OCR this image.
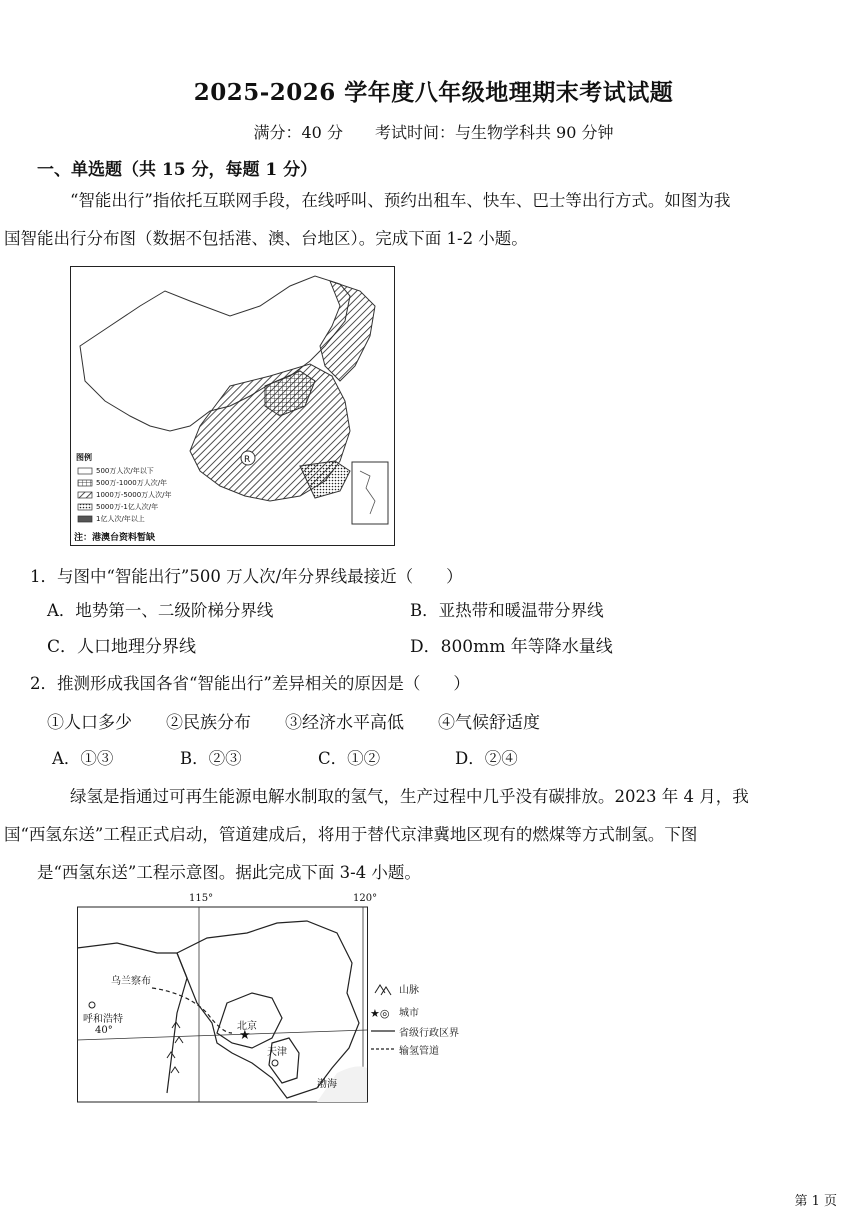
2025-2026 学年度八年级地理期末考试试题
满分：40 分　　考试时间：与生物学科共 90 分钟
一、单选题（共 15 分，每题 1 分）
“智能出行”指依托互联网手段，在线呼叫、预约出租车、快车、巴士等出行方式。如图为我
国智能出行分布图（数据不包括港、澳、台地区）。完成下面 1-2 小题。
R
图例
500万人次/年以下
500万-1000万人次/年
1000万-5000万人次/年
5000万-1亿人次/年
1亿人次/年以上
注：港澳台资料暂缺
1．与图中“智能出行”500 万人次/年分界线最接近（　　）
A．地势第一、二级阶梯分界线	B．亚热带和暖温带分界线
C．人口地理分界线	D．800mm 年等降水量线
2．推测形成我国各省“智能出行”差异相关的原因是（　　）
①人口多少　　②民族分布　　③经济水平高低　　④气候舒适度
A．①③	B．②③	C．①②	D．②④
绿氢是指通过可再生能源电解水制取的氢气，生产过程中几乎没有碳排放。2023 年 4 月，我
国“西氢东送”工程正式启动，管道建成后，将用于替代京津冀地区现有的燃煤等方式制氢。下图
是“西氢东送”工程示意图。据此完成下面 3-4 小题。
★
★◎
115°	120°
40°
乌兰察布
呼和浩特
北京
天津
渤海
山脉
城市
省级行政区界
输氢管道
第 1 页
